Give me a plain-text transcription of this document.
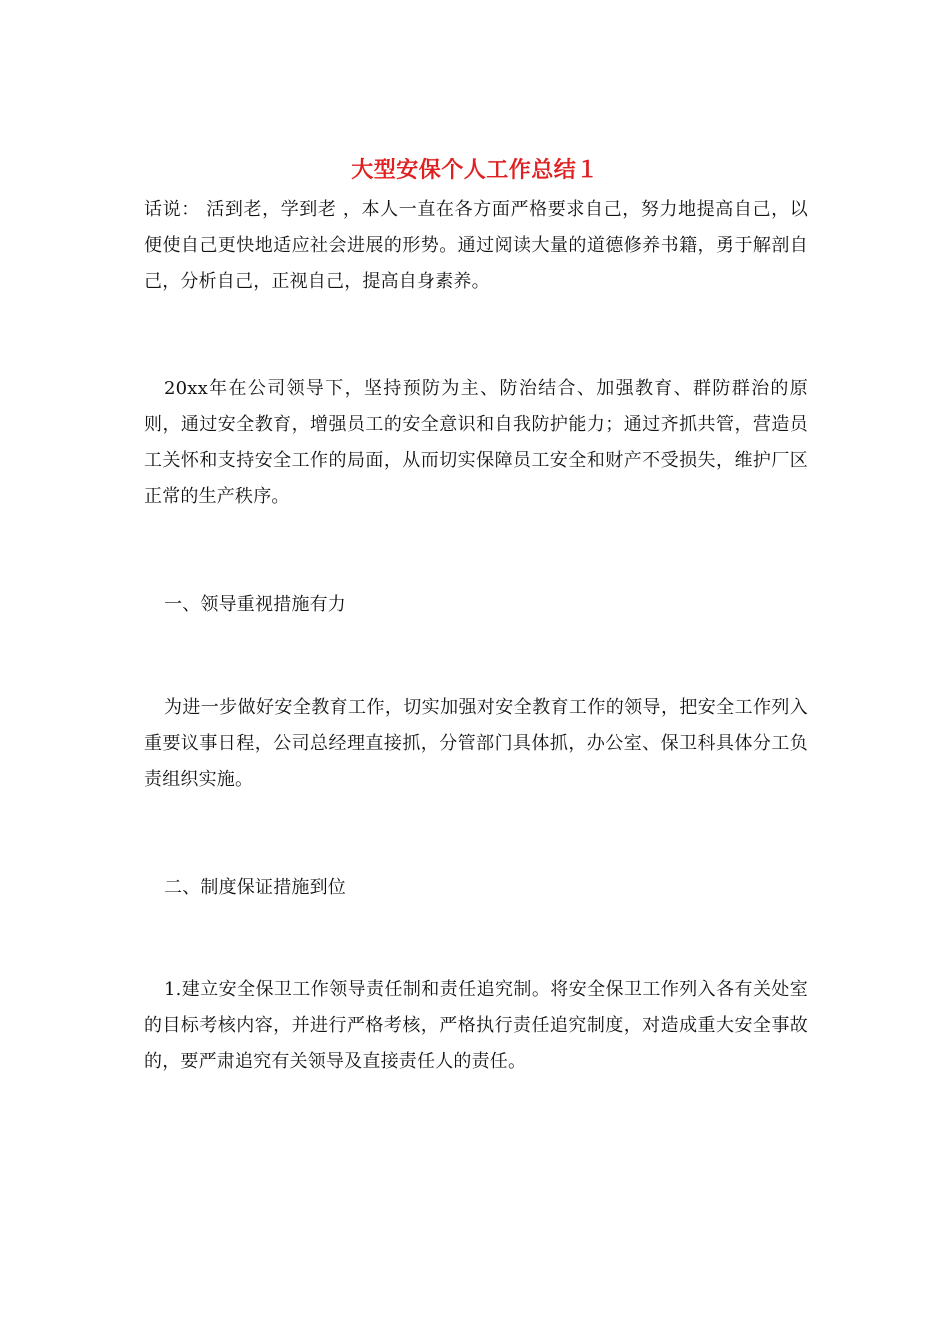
大型安保个人工作总结１

话说： 活到老，学到老 ，本人一直在各方面严格要求自己，努力地提高自己，以便使自己更快地适应社会进展的形势。通过阅读大量的道德修养书籍，勇于解剖自己，分析自己，正视自己，提高自身素养。

20xx年在公司领导下，坚持预防为主、防治结合、加强教育、群防群治的原则，通过安全教育，增强员工的安全意识和自我防护能力；通过齐抓共管，营造员工关怀和支持安全工作的局面，从而切实保障员工安全和财产不受损失，维护厂区正常的生产秩序。

一、领导重视措施有力

为进一步做好安全教育工作，切实加强对安全教育工作的领导，把安全工作列入重要议事日程，公司总经理直接抓，分管部门具体抓，办公室、保卫科具体分工负责组织实施。

二、制度保证措施到位

1.建立安全保卫工作领导责任制和责任追究制。将安全保卫工作列入各有关处室的目标考核内容，并进行严格考核，严格执行责任追究制度，对造成重大安全事故的，要严肃追究有关领导及直接责任人的责任。
